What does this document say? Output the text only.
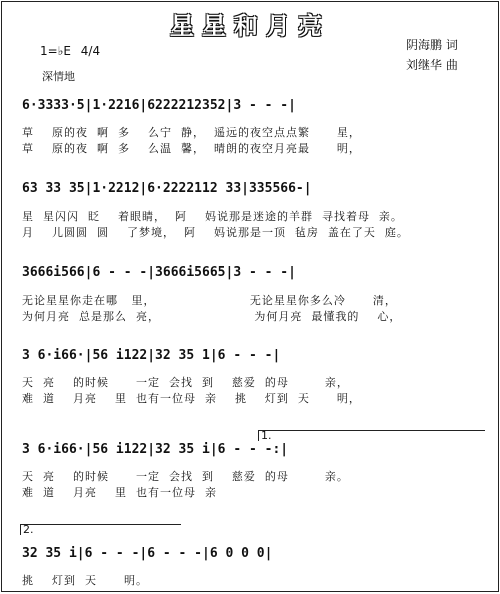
星星和月亮
1=♭E 4/4
深情地
阴海鹏 词
刘继华 曲
6·3333·5|1·2216|6222212352|3 - - -|
草    原的夜  啊  多    么宁  静，  遥远的夜空点点繁      星，
草    原的夜  啊  多    么温  馨，  晴朗的夜空月亮最      明，
63 33 35|1·2212|6·2222112 33|335566-|
星  星闪闪  眨    着眼睛，  阿    妈说那是迷途的羊群  寻找着母  亲。
月    儿圆圆  圆    了梦境，  阿    妈说那是一顶  毡房  盖在了天  庭。
3666i566|6 - - -|3666i5665|3 - - -|
无论星星你走在哪   里，                     无论星星你多么冷      清，
为何月亮  总是那么  亮，                     为何月亮  最懂我的    心，
3 6·i66·|56 i122|32 35 1|6 - - -|
天  亮    的时候      一定  会找  到    慈爱  的母        亲，
难  道    月亮    里  也有一位母  亲    挑    灯到  天      明，
1.
3 6·i66·|56 i122|32 35 i|6 - - -:|
天  亮    的时候      一定  会找  到    慈爱  的母        亲。
难  道    月亮    里  也有一位母  亲
2.
32 35 i|6 - - -|6 - - -|6 0 0 0|
挑    灯到  天      明。
